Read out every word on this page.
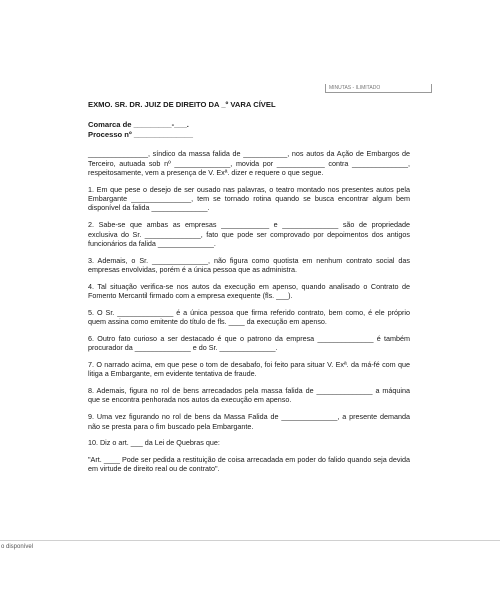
MINUTAS - ILIMITADO
EXMO. SR. DR. JUIZ DE DIREITO DA _º VARA CÍVEL
Comarca de _________-___.
Processo nº ______________

_______________, síndico da massa falida de ___________, nos autos da Ação de Embargos de Terceiro, autuada sob nº ______________, movida por ____________ contra ______________, respeitosamente, vem a presença de V. Exª. dizer e requere o que segue.

1. Em que pese o desejo de ser ousado nas palavras, o teatro montado nos presentes autos pela Embargante _______________, tem se tornado rotina quando se busca encontrar algum bem disponível da falida ______________.

2. Sabe-se que ambas as empresas ____________ e ______________ são de propriedade exclusiva do Sr. ______________, fato que pode ser comprovado por depoimentos dos antigos funcionários da falida ______________.

3. Ademais, o Sr. ______________, não figura como quotista em nenhum contrato social das empresas envolvidas, porém é a única pessoa que as administra.

4. Tal situação verifica-se nos autos da execução em apenso, quando analisado o Contrato de Fomento Mercantil firmado com a empresa exequente (fls. ___).

5. O Sr. ______________ é a única pessoa que firma referido contrato, bem como, é ele próprio quem assina como emitente do título de fls. ____ da execução em apenso.

6. Outro fato curioso a ser destacado é que o patrono da empresa ______________ é também procurador da ______________ e do Sr. ______________.

7. O narrado acima, em que pese o tom de desabafo, foi feito para situar V. Exª. da má-fé com que litiga a Embargante, em evidente tentativa de fraude.

8. Ademais, figura no rol de bens arrecadados pela massa falida de ______________ a máquina que se encontra penhorada nos autos da execução em apenso.

9. Uma vez figurando no rol de bens da Massa Falida de ______________, a presente demanda não se presta para o fim buscado pela Embargante.

10. Diz o art. ___ da Lei de Quebras que:

"Art. ____ Pode ser pedida a restituição de coisa arrecadada em poder do falido quando seja devida em virtude de direito real ou de contrato".

o disponível
